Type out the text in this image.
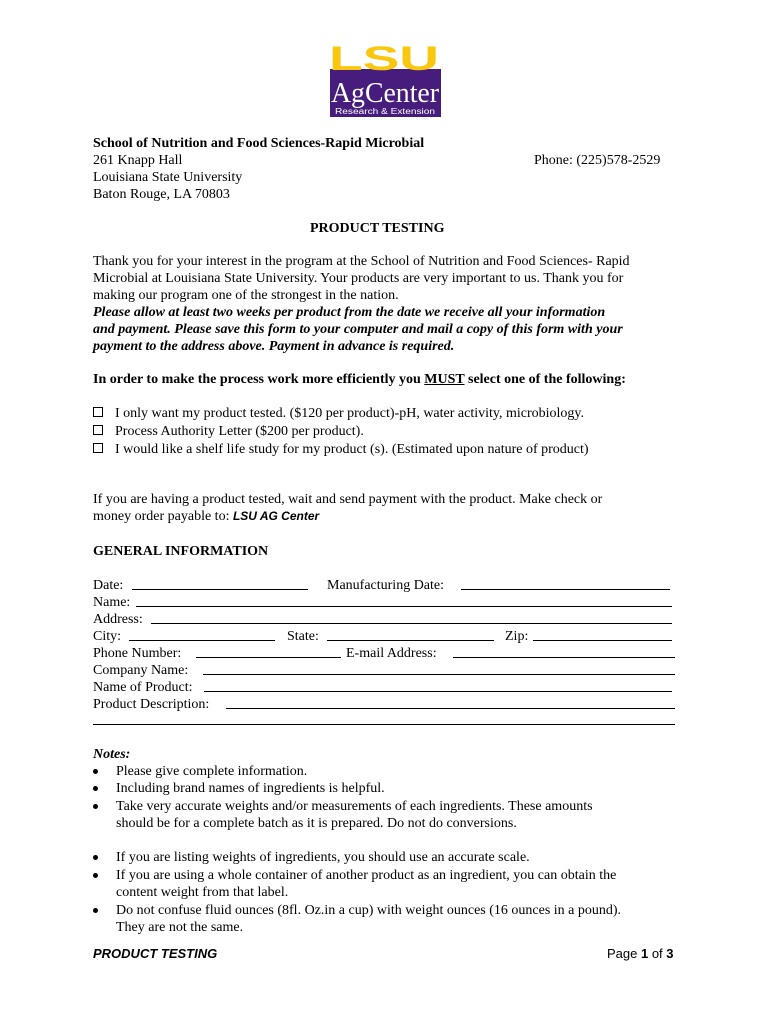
LSU
AgCenter
Research & Extension
School of Nutrition and Food Sciences-Rapid Microbial
261 Knapp Hall	Phone: (225)578-2529
Louisiana State University
Baton Rouge, LA 70803
PRODUCT TESTING
Thank you for your interest in the program at the School of Nutrition and Food Sciences- Rapid
Microbial at Louisiana State University. Your products are very important to us. Thank you for
making our program one of the strongest in the nation.
Please allow at least two weeks per product from the date we receive all your information
and payment. Please save this form to your computer and mail a copy of this form with your
payment to the address above. Payment in advance is required.
In order to make the process work more efficiently you MUST select one of the following:
I only want my product tested. ($120 per product)-pH, water activity, microbiology.
Process Authority Letter ($200 per product).
I would like a shelf life study for my product (s). (Estimated upon nature of product)
If you are having a product tested, wait and send payment with the product. Make check or
money order payable to: LSU AG Center
GENERAL INFORMATION
Date:	Manufacturing Date:
Name:
Address:
City:	State:	Zip:
Phone Number:	E-mail Address:
Company Name:
Name of Product:
Product Description:
Notes:
Please give complete information.
Including brand names of ingredients is helpful.
Take very accurate weights and/or measurements of each ingredients. These amounts
should be for a complete batch as it is prepared. Do not do conversions.
If you are listing weights of ingredients, you should use an accurate scale.
If you are using a whole container of another product as an ingredient, you can obtain the
content weight from that label.
Do not confuse fluid ounces (8fl. Oz.in a cup) with weight ounces (16 ounces in a pound).
They are not the same.
PRODUCT TESTING	Page 1 of 3
